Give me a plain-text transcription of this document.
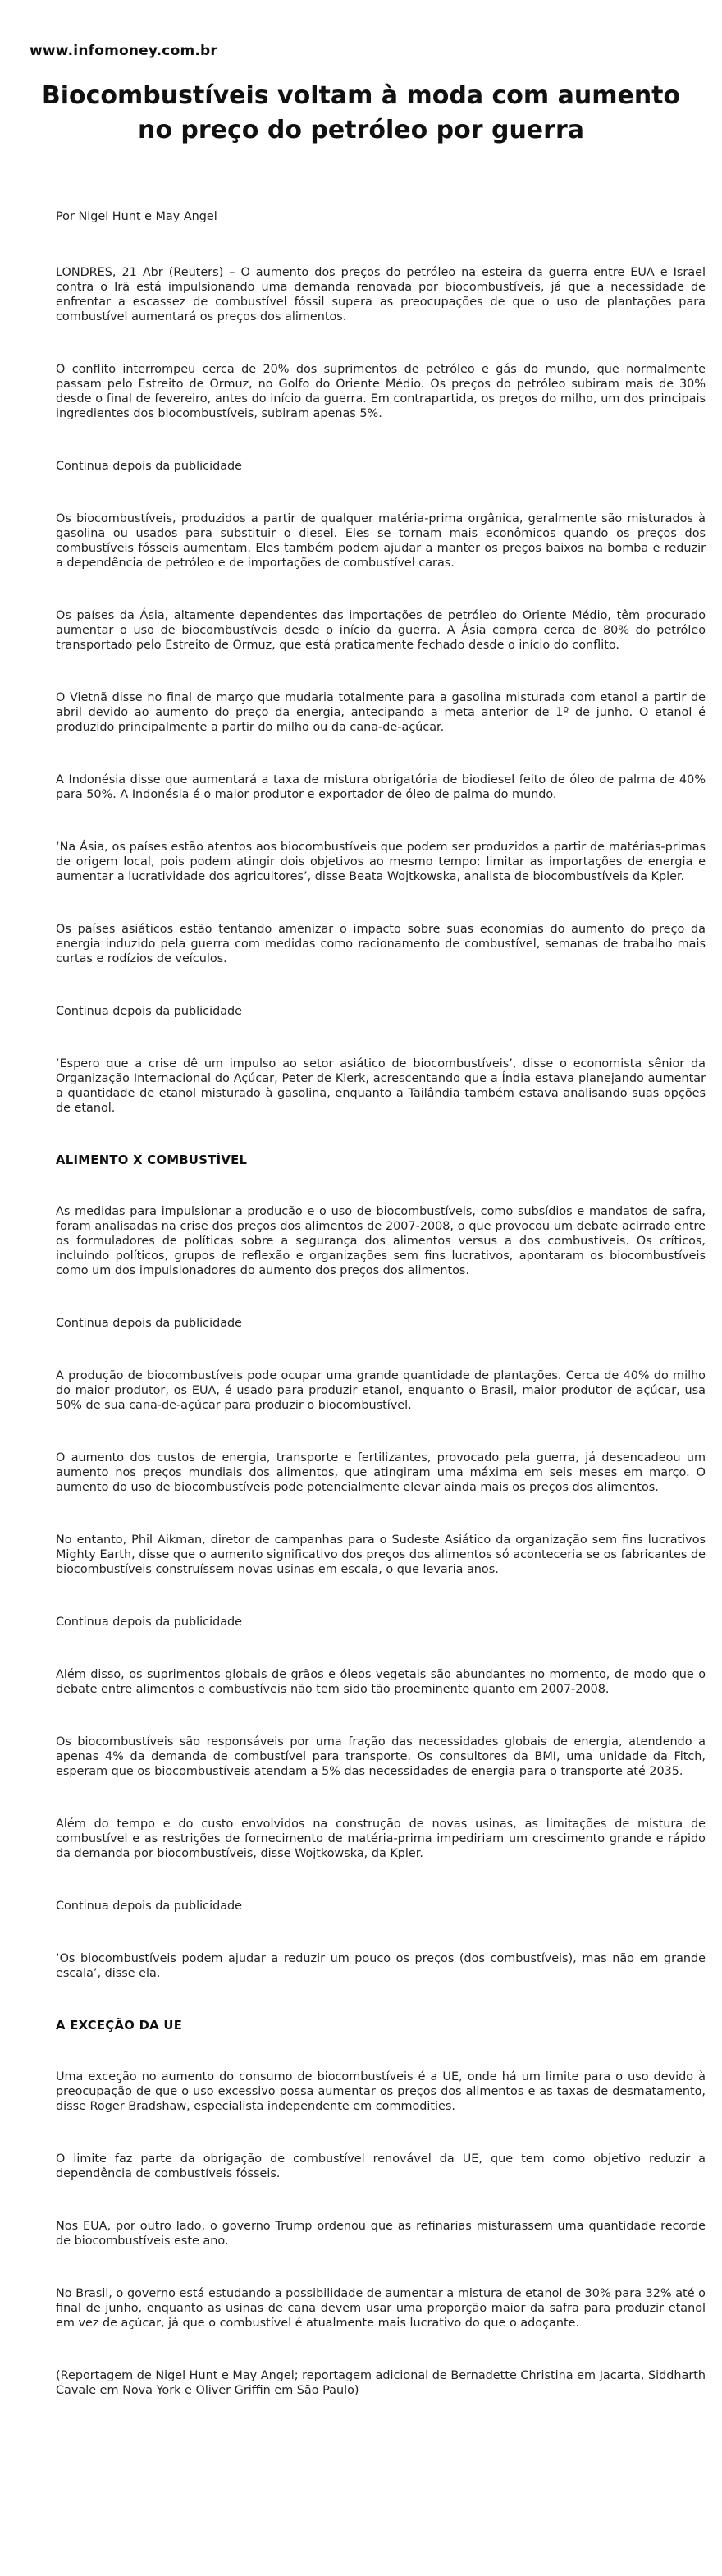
www.infomoney.com.br
Biocombustíveis voltam à moda com aumento no preço do petróleo por guerra

Por Nigel Hunt e May Angel

LONDRES, 21 Abr (Reuters) – O aumento dos preços do petróleo na esteira da guerra entre EUA e Israel contra o Irã está impulsionando uma demanda renovada por biocombustíveis, já que a necessidade de enfrentar a escassez de combustível fóssil supera as preocupações de que o uso de plantações para combustível aumentará os preços dos alimentos.

O conflito interrompeu cerca de 20% dos suprimentos de petróleo e gás do mundo, que normalmente passam pelo Estreito de Ormuz, no Golfo do Oriente Médio. Os preços do petróleo subiram mais de 30% desde o final de fevereiro, antes do início da guerra. Em contrapartida, os preços do milho, um dos principais ingredientes dos biocombustíveis, subiram apenas 5%.

Continua depois da publicidade

Os biocombustíveis, produzidos a partir de qualquer matéria-prima orgânica, geralmente são misturados à gasolina ou usados para substituir o diesel. Eles se tornam mais econômicos quando os preços dos combustíveis fósseis aumentam. Eles também podem ajudar a manter os preços baixos na bomba e reduzir a dependência de petróleo e de importações de combustível caras.

Os países da Ásia, altamente dependentes das importações de petróleo do Oriente Médio, têm procurado aumentar o uso de biocombustíveis desde o início da guerra. A Ásia compra cerca de 80% do petróleo transportado pelo Estreito de Ormuz, que está praticamente fechado desde o início do conflito.

O Vietnã disse no final de março que mudaria totalmente para a gasolina misturada com etanol a partir de abril devido ao aumento do preço da energia, antecipando a meta anterior de 1º de junho. O etanol é produzido principalmente a partir do milho ou da cana-de-açúcar.

A Indonésia disse que aumentará a taxa de mistura obrigatória de biodiesel feito de óleo de palma de 40% para 50%. A Indonésia é o maior produtor e exportador de óleo de palma do mundo.

‘Na Ásia, os países estão atentos aos biocombustíveis que podem ser produzidos a partir de matérias-primas de origem local, pois podem atingir dois objetivos ao mesmo tempo: limitar as importações de energia e aumentar a lucratividade dos agricultores’, disse Beata Wojtkowska, analista de biocombustíveis da Kpler.

Os países asiáticos estão tentando amenizar o impacto sobre suas economias do aumento do preço da energia induzido pela guerra com medidas como racionamento de combustível, semanas de trabalho mais curtas e rodízios de veículos.

Continua depois da publicidade

‘Espero que a crise dê um impulso ao setor asiático de biocombustíveis’, disse o economista sênior da Organização Internacional do Açúcar, Peter de Klerk, acrescentando que a Índia estava planejando aumentar a quantidade de etanol misturado à gasolina, enquanto a Tailândia também estava analisando suas opções de etanol.

ALIMENTO X COMBUSTÍVEL

As medidas para impulsionar a produção e o uso de biocombustíveis, como subsídios e mandatos de safra, foram analisadas na crise dos preços dos alimentos de 2007-2008, o que provocou um debate acirrado entre os formuladores de políticas sobre a segurança dos alimentos versus a dos combustíveis. Os críticos, incluindo políticos, grupos de reflexão e organizações sem fins lucrativos, apontaram os biocombustíveis como um dos impulsionadores do aumento dos preços dos alimentos.

Continua depois da publicidade

A produção de biocombustíveis pode ocupar uma grande quantidade de plantações. Cerca de 40% do milho do maior produtor, os EUA, é usado para produzir etanol, enquanto o Brasil, maior produtor de açúcar, usa 50% de sua cana-de-açúcar para produzir o biocombustível.

O aumento dos custos de energia, transporte e fertilizantes, provocado pela guerra, já desencadeou um aumento nos preços mundiais dos alimentos, que atingiram uma máxima em seis meses em março. O aumento do uso de biocombustíveis pode potencialmente elevar ainda mais os preços dos alimentos.

No entanto, Phil Aikman, diretor de campanhas para o Sudeste Asiático da organização sem fins lucrativos Mighty Earth, disse que o aumento significativo dos preços dos alimentos só aconteceria se os fabricantes de biocombustíveis construíssem novas usinas em escala, o que levaria anos.

Continua depois da publicidade

Além disso, os suprimentos globais de grãos e óleos vegetais são abundantes no momento, de modo que o debate entre alimentos e combustíveis não tem sido tão proeminente quanto em 2007-2008.

Os biocombustíveis são responsáveis por uma fração das necessidades globais de energia, atendendo a apenas 4% da demanda de combustível para transporte. Os consultores da BMI, uma unidade da Fitch, esperam que os biocombustíveis atendam a 5% das necessidades de energia para o transporte até 2035.

Além do tempo e do custo envolvidos na construção de novas usinas, as limitações de mistura de combustível e as restrições de fornecimento de matéria-prima impediriam um crescimento grande e rápido da demanda por biocombustíveis, disse Wojtkowska, da Kpler.

Continua depois da publicidade

‘Os biocombustíveis podem ajudar a reduzir um pouco os preços (dos combustíveis), mas não em grande escala’, disse ela.

A EXCEÇÃO DA UE

Uma exceção no aumento do consumo de biocombustíveis é a UE, onde há um limite para o uso devido à preocupação de que o uso excessivo possa aumentar os preços dos alimentos e as taxas de desmatamento, disse Roger Bradshaw, especialista independente em commodities.

O limite faz parte da obrigação de combustível renovável da UE, que tem como objetivo reduzir a dependência de combustíveis fósseis.

Nos EUA, por outro lado, o governo Trump ordenou que as refinarias misturassem uma quantidade recorde de biocombustíveis este ano.

No Brasil, o governo está estudando a possibilidade de aumentar a mistura de etanol de 30% para 32% até o final de junho, enquanto as usinas de cana devem usar uma proporção maior da safra para produzir etanol em vez de açúcar, já que o combustível é atualmente mais lucrativo do que o adoçante.

(Reportagem de Nigel Hunt e May Angel; reportagem adicional de Bernadette Christina em Jacarta, Siddharth Cavale em Nova York e Oliver Griffin em São Paulo)
